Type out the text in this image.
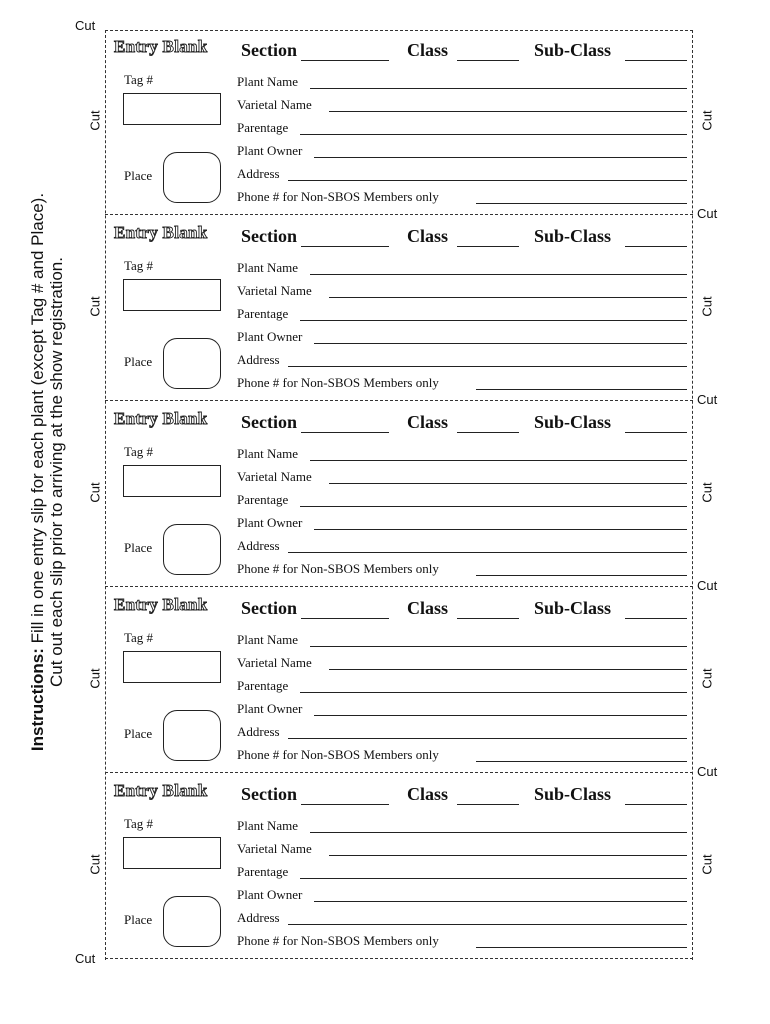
Cut
Cut
Cut
Cut
Cut
Cut
Cut
Cut
Cut
Cut
Cut
Cut
Cut
Cut
Cut
Cut
Instructions: Fill in one entry slip for each plant (except Tag # and Place). Cut out each slip prior to arriving at the show registration.
Entry Blank Section	Class	Sub-Class
Tag #
Place
Plant Name
Varietal Name
Parentage
Plant Owner
Address
Phone # for Non-SBOS Members only
Entry Blank Section	Class	Sub-Class
Tag #
Place
Plant Name
Varietal Name
Parentage
Plant Owner
Address
Phone # for Non-SBOS Members only
Entry Blank Section	Class	Sub-Class
Tag #
Place
Plant Name
Varietal Name
Parentage
Plant Owner
Address
Phone # for Non-SBOS Members only
Entry Blank Section	Class	Sub-Class
Tag #
Place
Plant Name
Varietal Name
Parentage
Plant Owner
Address
Phone # for Non-SBOS Members only
Entry Blank Section	Class	Sub-Class
Tag #
Place
Plant Name
Varietal Name
Parentage
Plant Owner
Address
Phone # for Non-SBOS Members only
